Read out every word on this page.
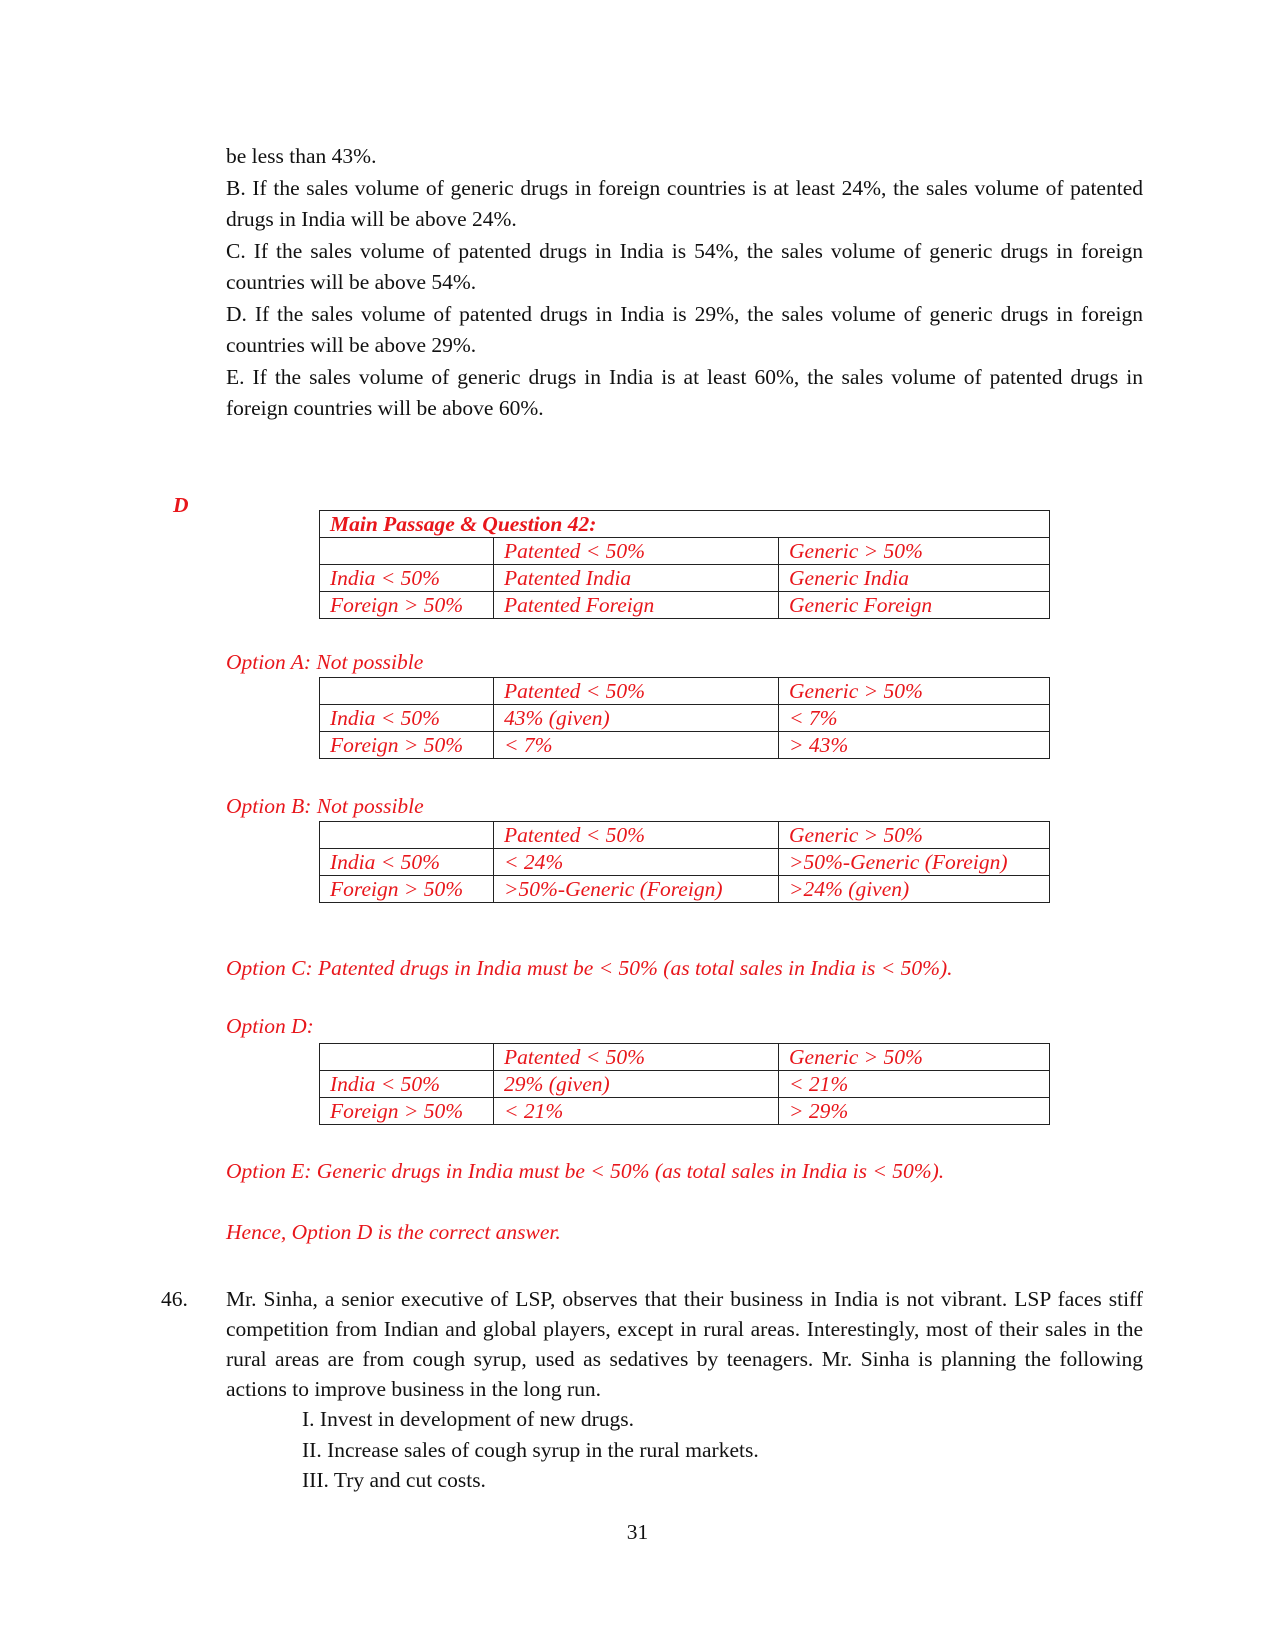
be less than 43%.
B. If the sales volume of generic drugs in foreign countries is at least 24%, the sales volume of patented drugs in India will be above 24%.
C. If the sales volume of patented drugs in India is 54%, the sales volume of generic drugs in foreign countries will be above 54%.
D. If the sales volume of patented drugs in India is 29%, the sales volume of generic drugs in foreign countries will be above 29%.
E. If the sales volume of generic drugs in India is at least 60%, the sales volume of patented drugs in foreign countries will be above 60%.
D
Main Passage & Question 42:		
	Patented < 50%	Generic > 50%
India < 50%	Patented India	Generic India
Foreign > 50%	Patented Foreign	Generic Foreign
Option A: Not possible
	Patented < 50%	Generic > 50%
India < 50%	43% (given)	< 7%
Foreign > 50%	< 7%	> 43%
Option B: Not possible
	Patented < 50%	Generic > 50%
India < 50%	< 24%	>50%-Generic (Foreign)
Foreign > 50%	>50%-Generic (Foreign)	>24% (given)
Option C: Patented drugs in India must be < 50% (as total sales in India is < 50%).
Option D:
	Patented < 50%	Generic > 50%
India < 50%	29% (given)	< 21%
Foreign > 50%	< 21%	> 29%
Option E: Generic drugs in India must be < 50% (as total sales in India is < 50%).
Hence, Option D is the correct answer.
46. Mr. Sinha, a senior executive of LSP, observes that their business in India is not vibrant. LSP faces stiff competition from Indian and global players, except in rural areas. Interestingly, most of their sales in the rural areas are from cough syrup, used as sedatives by teenagers. Mr. Sinha is planning the following actions to improve business in the long run.
I. Invest in development of new drugs.
II. Increase sales of cough syrup in the rural markets.
III. Try and cut costs.
31
